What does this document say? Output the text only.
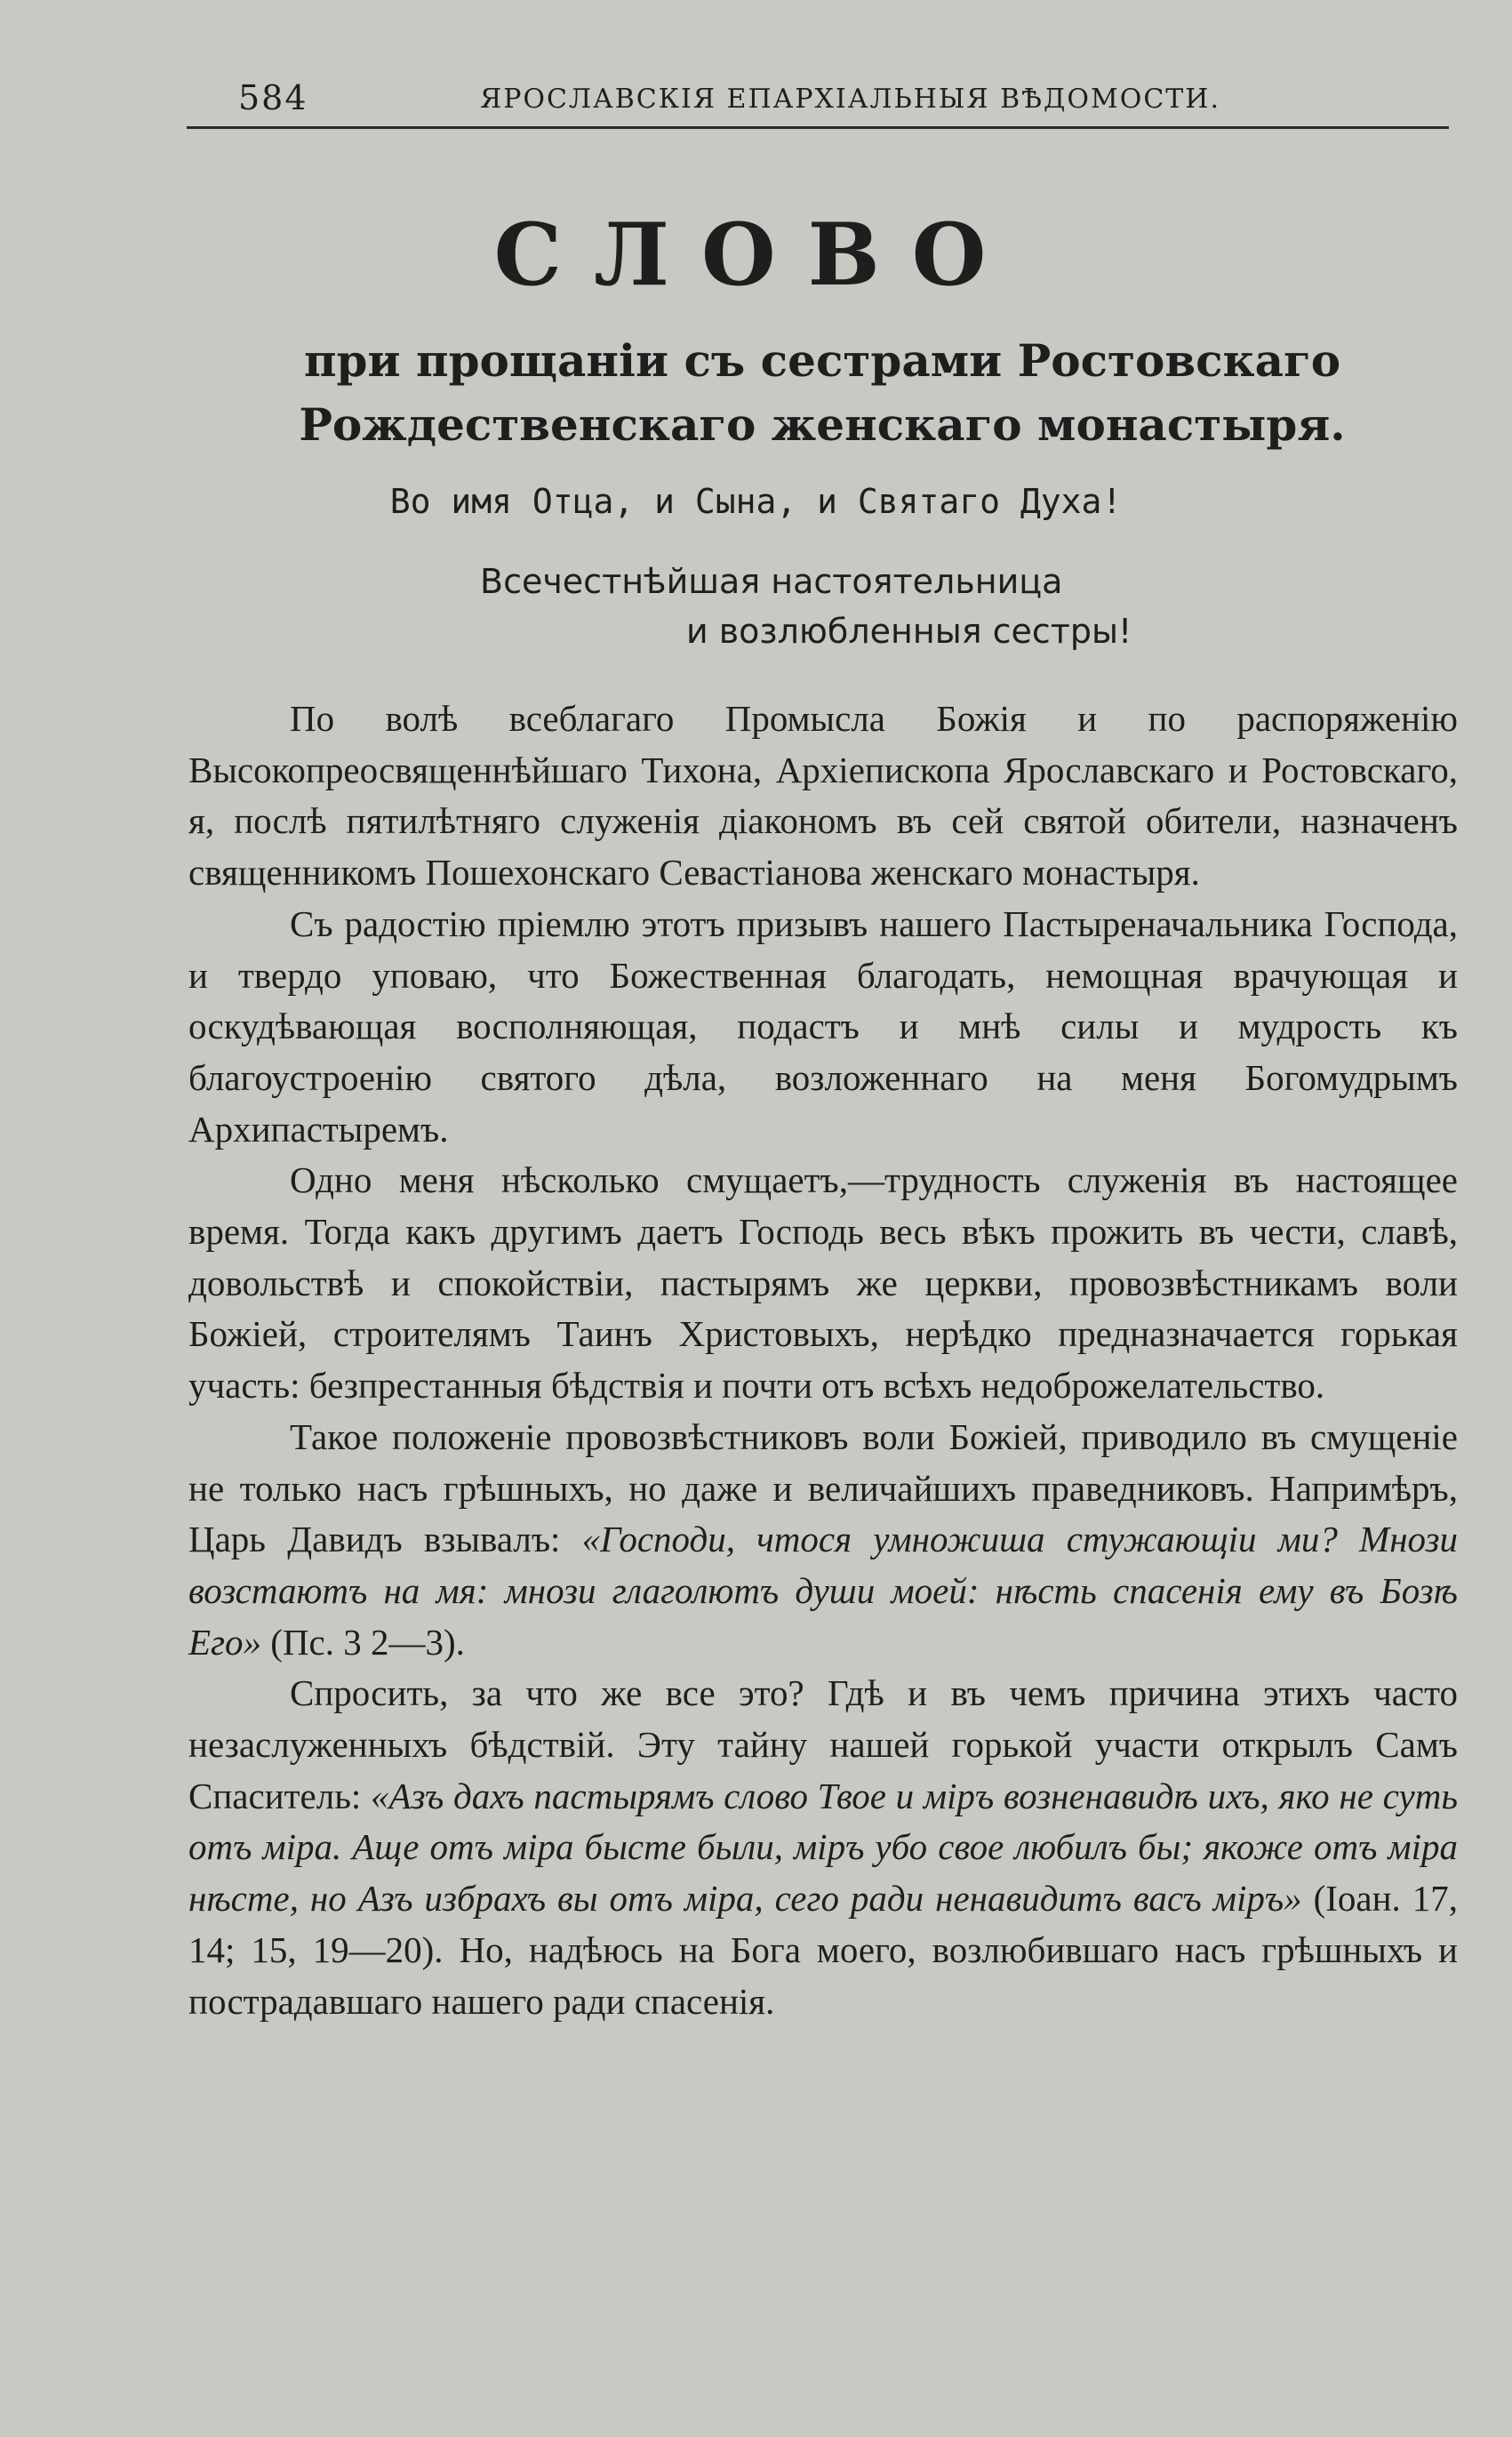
584	ЯРОСЛАВСКІЯ ЕПАРХІАЛЬНЫЯ ВѢДОМОСТИ.
СЛОВО
при прощаніи съ сестрами Ростовскаго Рождественскаго женскаго монастыря.
Во имя Отца, и Сына, и Святаго Духа!
Всечестнѣйшая настоятельница
и возлюбленныя сестры!

По волѣ всеблагаго Промысла Божія и по распоряженію Высокопреосвященнѣйшаго Тихона, Архіепископа Ярославскаго и Ростовскаго, я, послѣ пятилѣтняго служенія діакономъ въ сей святой обители, назначенъ священникомъ Пошехонскаго Севастіанова женскаго монастыря.

Съ радостію пріемлю этотъ призывъ нашего Пастыреначальника Господа, и твердо уповаю, что Божественная благодать, немощная врачующая и оскудѣвающая восполняющая, подастъ и мнѣ силы и мудрость къ благоустроенію святого дѣла, возложеннаго на меня Богомудрымъ Архипастыремъ.

Одно меня нѣсколько смущаетъ,—трудность служенія въ настоящее время. Тогда какъ другимъ даетъ Господь весь вѣкъ прожить въ чести, славѣ, довольствѣ и спокойствіи, пастырямъ же церкви, провозвѣстникамъ воли Божіей, строителямъ Таинъ Христовыхъ, нерѣдко предназначается горькая участь: безпрестанныя бѣдствія и почти отъ всѣхъ недоброжелательство.

Такое положеніе провозвѣстниковъ воли Божіей, приводило въ смущеніе не только насъ грѣшныхъ, но даже и величайшихъ праведниковъ. Напримѣръ, Царь Давидъ взывалъ: «Господи, чтося умножиша стужающіи ми? Мнози возстаютъ на мя: мнози глаголютъ души моей: нѣсть спасенія ему въ Бозѣ Его» (Пс. 3 2—3).

Спросить, за что же все это? Гдѣ и въ чемъ причина этихъ часто незаслуженныхъ бѣдствій. Эту тайну нашей горькой участи открылъ Самъ Спаситель: «Азъ дахъ пастырямъ слово Твое и міръ возненавидѣ ихъ, яко не суть отъ міра. Аще отъ міра бысте были, міръ убо свое любилъ бы; якоже отъ міра нѣсте, но Азъ избрахъ вы отъ міра, сего ради ненавидитъ васъ міръ» (Іоан. 17, 14; 15, 19—20). Но, надѣюсь на Бога моего, возлюбившаго насъ грѣшныхъ и пострадавшаго нашего ради спасенія.
